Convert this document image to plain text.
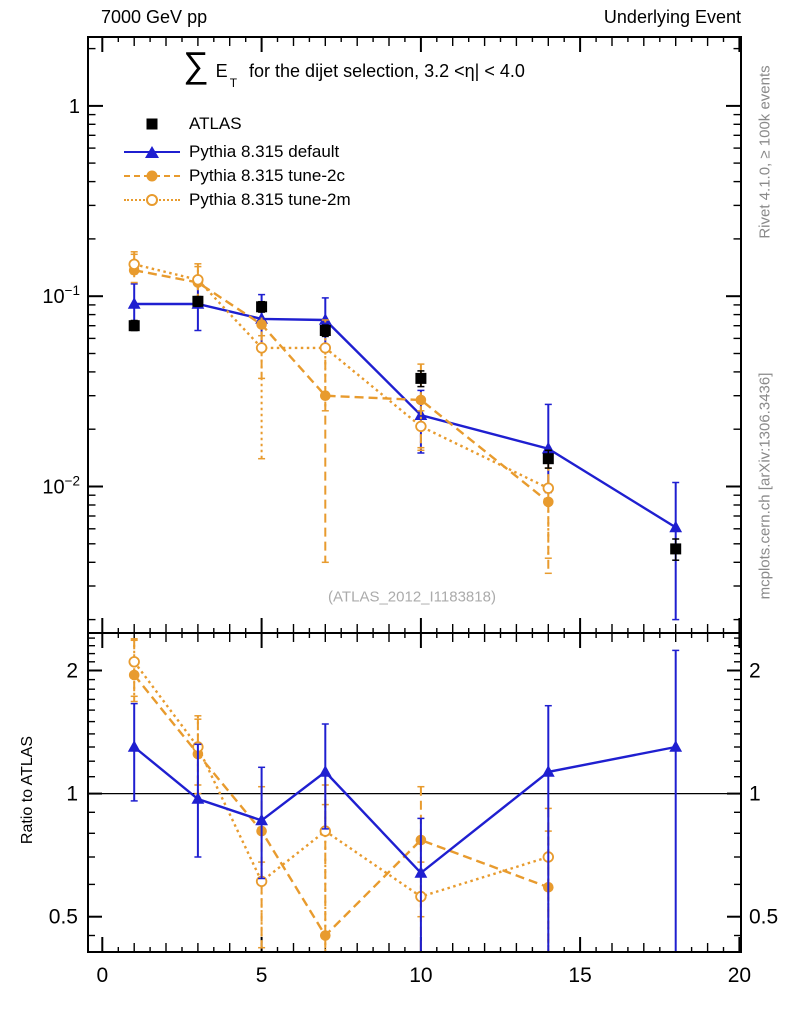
0	5	10	15	20
1
$10^{-1}$
$10^{-2}$
2	2
1	1
0.5	0.5
7000 GeV pp	Underlying Event
∑ E
T
for the dijet selection, 3.2 <η| < 4.0
ATLAS
Pythia 8.315 default
Pythia 8.315 tune-2c
Pythia 8.315 tune-2m	Rivet 4.1.0, ≥ 100k events
mcplots.cern.ch [arXiv:1306.3436]
Ratio to ATLAS
(ATLAS_2012_I1183818)
